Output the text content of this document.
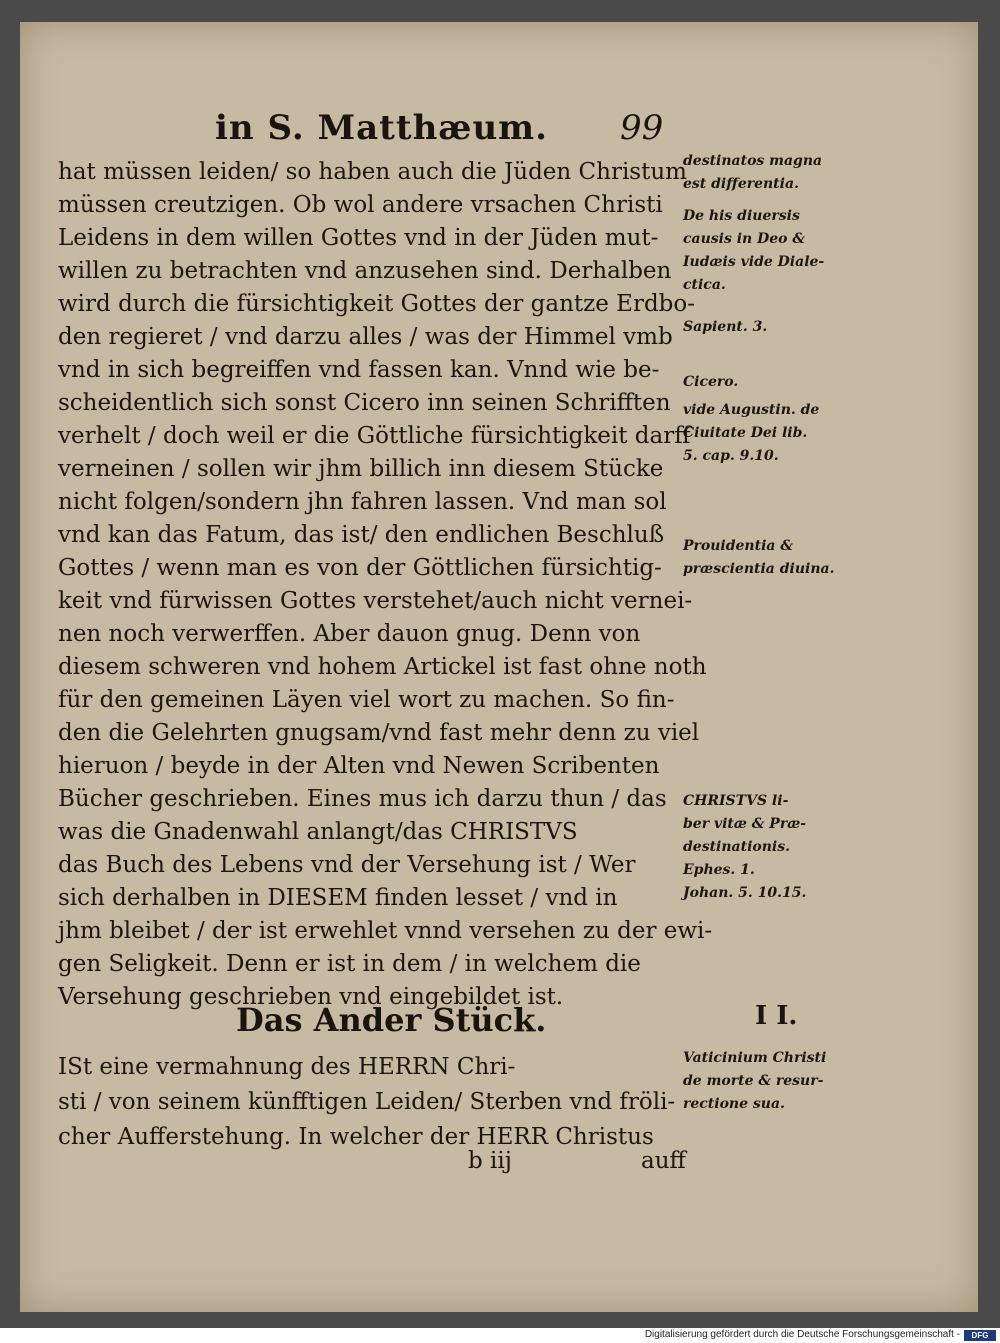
in S. Matthæum. 99
hat müssen leiden/ so haben auch die Jüden Christum
müssen creutzigen. Ob wol andere vrsachen Christi
Leidens in dem willen Gottes vnd in der Jüden mut-
willen zu betrachten vnd anzusehen sind. Derhalben
wird durch die fürsichtigkeit Gottes der gantze Erdbo-
den regieret / vnd darzu alles / was der Himmel vmb
vnd in sich begreiffen vnd fassen kan. Vnnd wie be-
scheidentlich sich sonst Cicero inn seinen Schrifften
verhelt / doch weil er die Göttliche fürsichtigkeit darff
verneinen / sollen wir jhm billich inn diesem Stücke
nicht folgen/sondern jhn fahren lassen. Vnd man sol
vnd kan das Fatum, das ist/ den endlichen Beschluß
Gottes / wenn man es von der Göttlichen fürsichtig-
keit vnd fürwissen Gottes verstehet/auch nicht vernei-
nen noch verwerffen. Aber dauon gnug. Denn von
diesem schweren vnd hohem Artickel ist fast ohne noth
für den gemeinen Läyen viel wort zu machen. So fin-
den die Gelehrten gnugsam/vnd fast mehr denn zu viel
hieruon / beyde in der Alten vnd Newen Scribenten
Bücher geschrieben. Eines mus ich darzu thun / das
was die Gnadenwahl anlangt/das CHRISTVS
das Buch des Lebens vnd der Versehung ist / Wer
sich derhalben in DIESEM finden lesset / vnd in
jhm bleibet / der ist erwehlet vnnd versehen zu der ewi-
gen Seligkeit. Denn er ist in dem / in welchem die
Versehung geschrieben vnd eingebildet ist.
Das Ander Stück.	I I.
ISt eine vermahnung des HERRN Chri-
sti / von seinem künfftigen Leiden/ Sterben vnd fröli-
cher Aufferstehung. In welcher der HERR Christus
b iij	auff
destinatos magna
est differentia.
De his diuersis
causis in Deo &
Iudæis vide Diale-
ctica.
Sapient. 3.
Cicero.
vide Augustin. de
Ciuitate Dei lib.
5. cap. 9.10.
Prouidentia &
præscientia diuina.
CHRISTVS li-
ber vitæ & Præ-
destinationis.
Ephes. 1.
Johan. 5. 10.15.
Vaticinium Christi
de morte & resur-
rectione sua.
Digitalisierung gefördert durch die Deutsche Forschungsgemeinschaft -	DFG
